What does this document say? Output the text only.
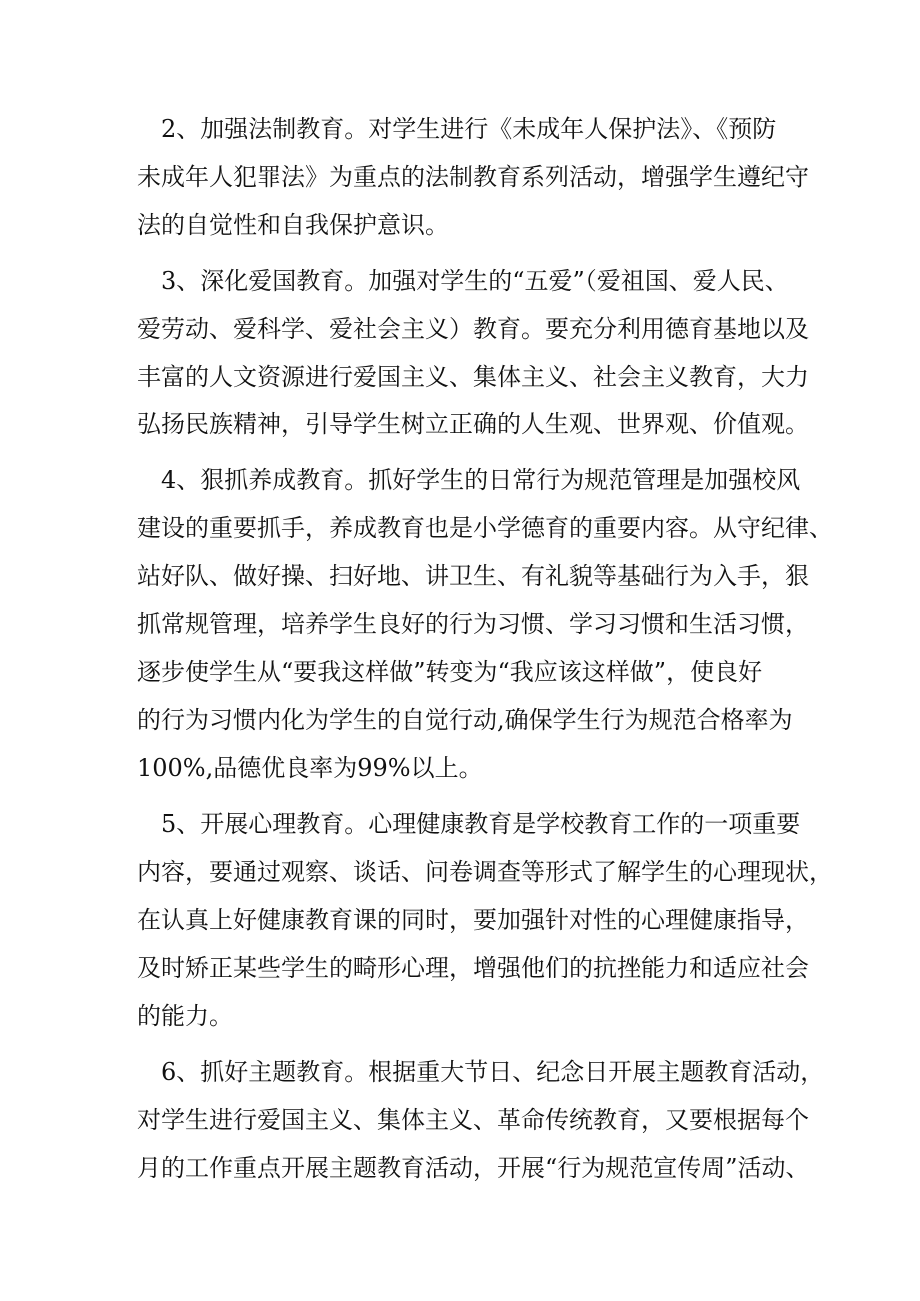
2、加强法制教育。对学生进行《未成年人保护法》、《预防

未成年人犯罪法》为重点的法制教育系列活动，增强学生遵纪守

法的自觉性和自我保护意识。

3、深化爱国教育。加强对学生的“五爱”（爱祖国、爱人民、

爱劳动、爱科学、爱社会主义）教育。要充分利用德育基地以及

丰富的人文资源进行爱国主义、集体主义、社会主义教育，大力

弘扬民族精神，引导学生树立正确的人生观、世界观、价值观。

4、狠抓养成教育。抓好学生的日常行为规范管理是加强校风

建设的重要抓手，养成教育也是小学德育的重要内容。从守纪律、

站好队、做好操、扫好地、讲卫生、有礼貌等基础行为入手，狠

抓常规管理，培养学生良好的行为习惯、学习习惯和生活习惯，

逐步使学生从“要我这样做”转变为“我应该这样做”，使良好

的行为习惯内化为学生的自觉行动,确保学生行为规范合格率为

100%,品德优良率为99%以上。

5、开展心理教育。心理健康教育是学校教育工作的一项重要

内容，要通过观察、谈话、问卷调查等形式了解学生的心理现状，

在认真上好健康教育课的同时，要加强针对性的心理健康指导，

及时矫正某些学生的畸形心理，增强他们的抗挫能力和适应社会

的能力。

6、抓好主题教育。根据重大节日、纪念日开展主题教育活动，

对学生进行爱国主义、集体主义、革命传统教育，又要根据每个

月的工作重点开展主题教育活动，开展“行为规范宣传周”活动、
